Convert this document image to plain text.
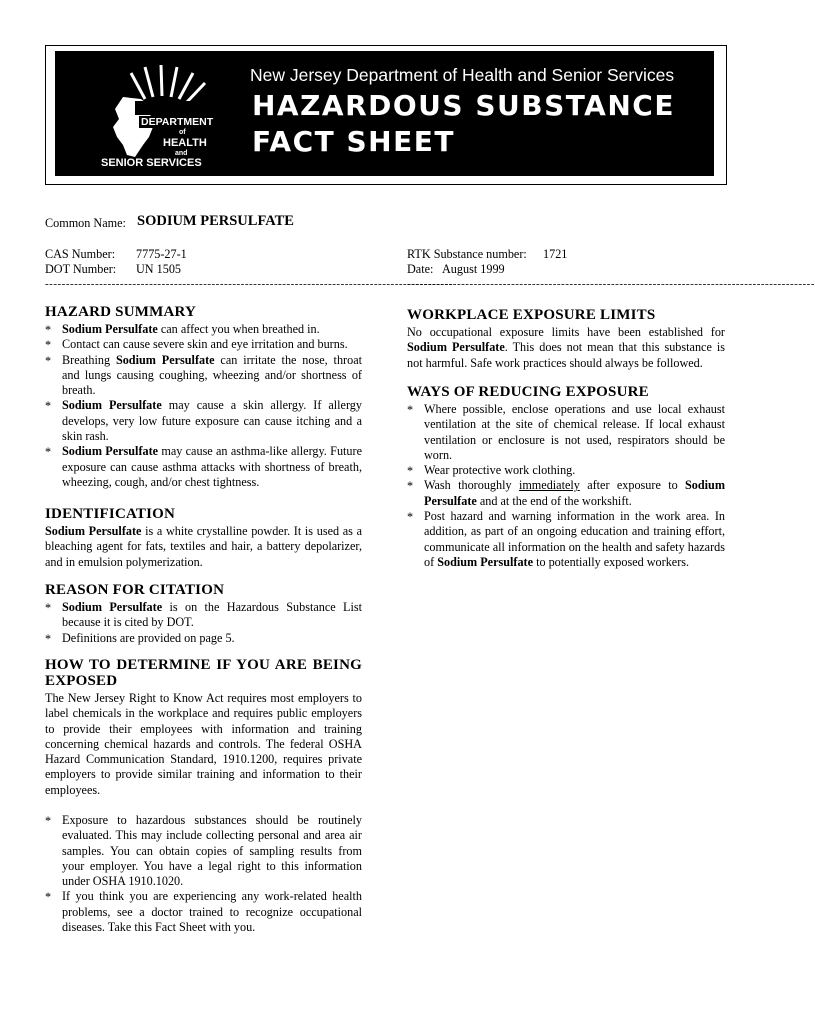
NEW JERSEY
DEPARTMENT
of
HEALTH
and
SENIOR SERVICES
New Jersey Department of Health and Senior Services
HAZARDOUS SUBSTANCE
FACT SHEET
Common Name: SODIUM PERSULFATE
CAS Number: 7775-27-1
DOT Number: UN 1505
--------------------------------------------------------------------------------------------------
RTK Substance number: 1721
Date: August 1999
--------------------------------------------------------------------------------------------------
HAZARD SUMMARY

* Sodium Persulfate can affect you when breathed in.

* Contact can cause severe skin and eye irritation and burns.

* Breathing Sodium Persulfate can irritate the nose, throat and lungs causing coughing, wheezing and/or shortness of breath.

* Sodium Persulfate may cause a skin allergy. If allergy develops, very low future exposure can cause itching and a skin rash.

* Sodium Persulfate may cause an asthma-like allergy. Future exposure can cause asthma attacks with shortness of breath, wheezing, cough, and/or chest tightness.

IDENTIFICATION

Sodium Persulfate is a white crystalline powder. It is used as a bleaching agent for fats, textiles and hair, a battery depolarizer, and in emulsion polymerization.

REASON FOR CITATION

* Sodium Persulfate is on the Hazardous Substance List because it is cited by DOT.

* Definitions are provided on page 5.

HOW TO DETERMINE IF YOU ARE BEING EXPOSED

The New Jersey Right to Know Act requires most employers to label chemicals in the workplace and requires public employers to provide their employees with information and training concerning chemical hazards and controls. The federal OSHA Hazard Communication Standard, 1910.1200, requires private employers to provide similar training and information to their employees.

* Exposure to hazardous substances should be routinely evaluated. This may include collecting personal and area air samples. You can obtain copies of sampling results from your employer. You have a legal right to this information under OSHA 1910.1020.

* If you think you are experiencing any work-related health problems, see a doctor trained to recognize occupational diseases. Take this Fact Sheet with you.

WORKPLACE EXPOSURE LIMITS

No occupational exposure limits have been established for Sodium Persulfate. This does not mean that this substance is not harmful. Safe work practices should always be followed.

WAYS OF REDUCING EXPOSURE

* Where possible, enclose operations and use local exhaust ventilation at the site of chemical release. If local exhaust ventilation or enclosure is not used, respirators should be worn.

* Wear protective work clothing.

* Wash thoroughly immediately after exposure to Sodium Persulfate and at the end of the workshift.

* Post hazard and warning information in the work area. In addition, as part of an ongoing education and training effort, communicate all information on the health and safety hazards of Sodium Persulfate to potentially exposed workers.
